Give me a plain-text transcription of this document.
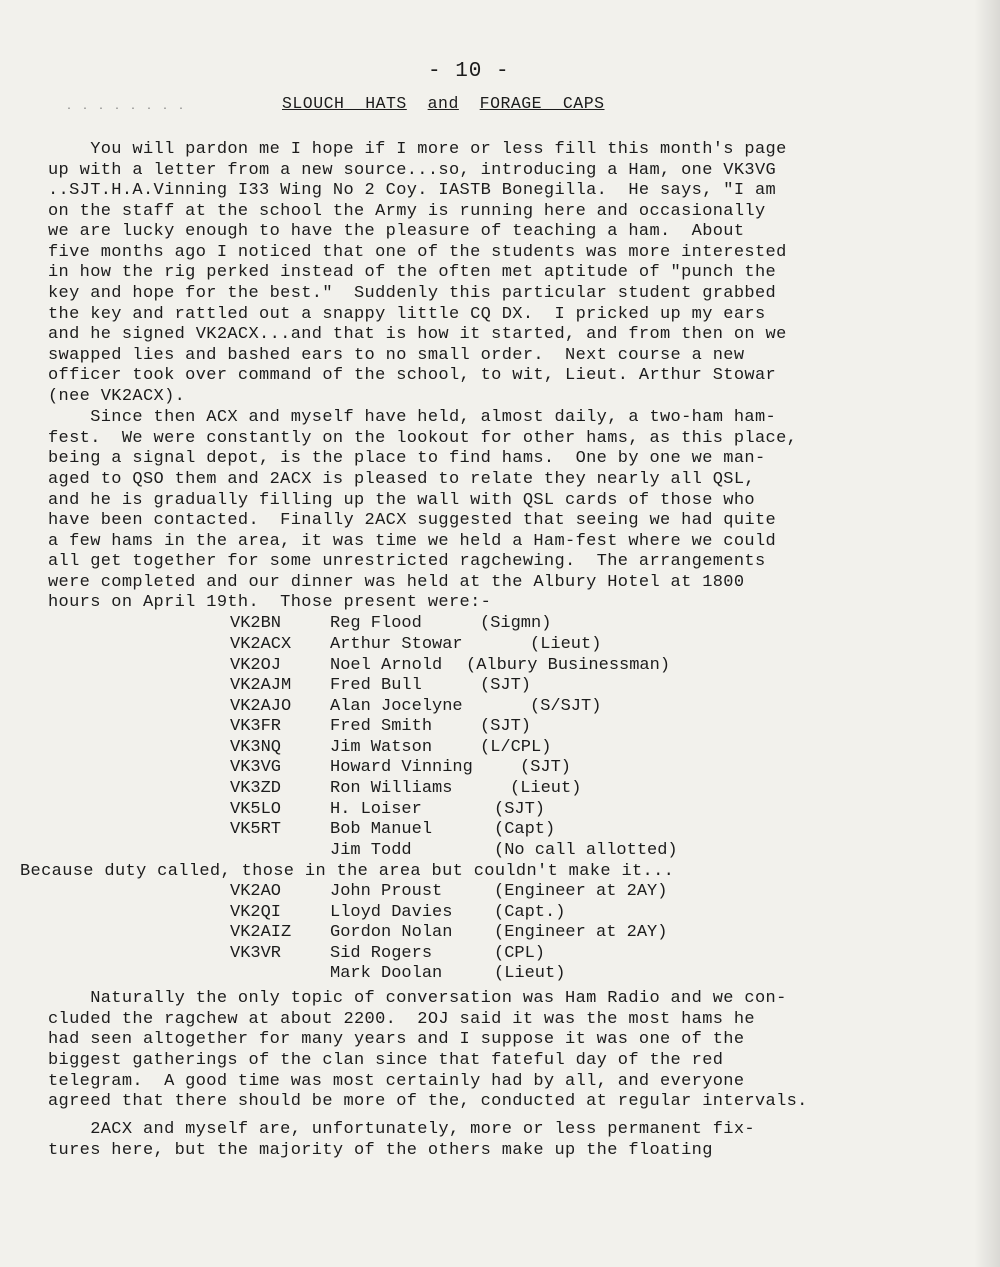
- 10 -
. . . . . . . .	SLOUCH  HATS and FORAGE  CAPS
You will pardon me I hope if I more or less fill this month's page
up with a letter from a new source...so, introducing a Ham, one VK3VG
..SJT.H.A.Vinning I33 Wing No 2 Coy. IASTB Bonegilla.  He says, "I am
on the staff at the school the Army is running here and occasionally
we are lucky enough to have the pleasure of teaching a ham.  About
five months ago I noticed that one of the students was more interested
in how the rig perked instead of the often met aptitude of "punch the
key and hope for the best."  Suddenly this particular student grabbed
the key and rattled out a snappy little CQ DX.  I pricked up my ears
and he signed VK2ACX...and that is how it started, and from then on we
swapped lies and bashed ears to no small order.  Next course a new
officer took over command of the school, to wit, Lieut. Arthur Stowar
(nee VK2ACX).
Since then ACX and myself have held, almost daily, a two-ham ham-
fest.  We were constantly on the lookout for other hams, as this place,
being a signal depot, is the place to find hams.  One by one we man-
aged to QSO them and 2ACX is pleased to relate they nearly all QSL,
and he is gradually filling up the wall with QSL cards of those who
have been contacted.  Finally 2ACX suggested that seeing we had quite
a few hams in the area, it was time we held a Ham-fest where we could
all get together for some unrestricted ragchewing.  The arrangements
were completed and our dinner was held at the Albury Hotel at 1800
hours on April 19th.  Those present were:-
VK2BN	Reg Flood	(Sigmn)
VK2ACX Arthur Stowar	(Lieut)
VK2OJ	Noel Arnold (Albury Businessman)
VK2AJM Fred Bull	(SJT)
VK2AJO Alan Jocelyne	(S/SJT)
VK3FR	Fred Smith	(SJT)
VK3NQ	Jim Watson	(L/CPL)
VK3VG	Howard Vinning	(SJT)
VK3ZD	Ron Williams	(Lieut)
VK5LO	H. Loiser	(SJT)
VK5RT	Bob Manuel	(Capt)
Jim Todd	(No call allotted)
Because duty called, those in the area but couldn't make it...
VK2AO	John Proust	(Engineer at 2AY)
VK2QI	Lloyd Davies (Capt.)
VK2AIZ Gordon Nolan (Engineer at 2AY)
VK3VR	Sid Rogers	(CPL)
Mark Doolan	(Lieut)
Naturally the only topic of conversation was Ham Radio and we con-
cluded the ragchew at about 2200.  2OJ said it was the most hams he
had seen altogether for many years and I suppose it was one of the
biggest gatherings of the clan since that fateful day of the red
telegram.  A good time was most certainly had by all, and everyone
agreed that there should be more of the, conducted at regular intervals.
2ACX and myself are, unfortunately, more or less permanent fix-
tures here, but the majority of the others make up the floating
